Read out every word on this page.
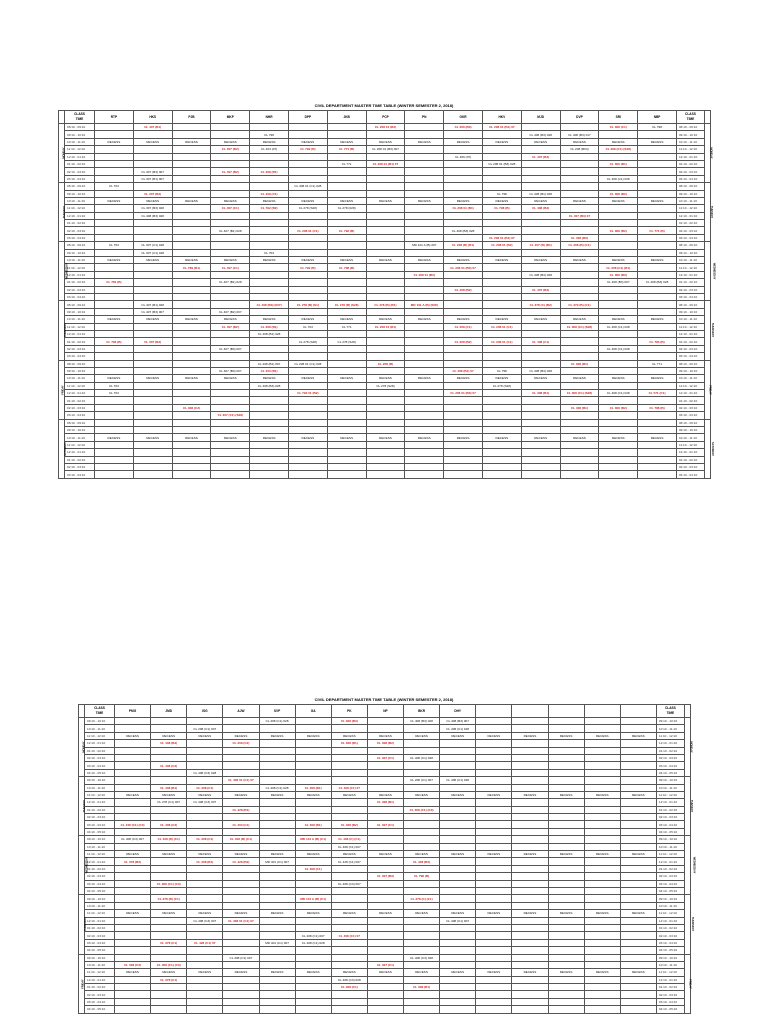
CIVIL DEPARTMENT MASTER TIME TABLE (WINTER SEMESTER 2, 2018)
	CLASS
TIME	RTP	HKS	PJB	MKP	NHR	DPP	JKB	PCP	PN	GKR	HKV	MJD	DVP	SRI	NBP	CLASS
TIME	
MONDAY	08:10 - 09:10		CL 407 (B1)						CL 208 01 (B2)		CL 306 (B3)	CL 208 01 (B1) 07			CL 308 (C1)	CL 798	08:10 - 09:10	MONDAY
	09:10 - 10:10					CL 798							CL 408 (B3) 028	CL 408 (B3) 017			09:10 - 10:10	
	10:10 - 11:10	RECESS	RECESS	RECESS	RECESS	RECESS	RECESS	RECESS	RECESS	RECESS	RECESS	RECESS	RECESS	RECESS	RECESS	RECESS	10:10 - 11:10	
	11:10 - 12:10				CL 307 (B2)	CL 403 (07)	CL 792 (B)	CL 771 (B)	CL 208 01 (B3) 007					CL 208 (B03)	CL 368 (C1) (S28)		11:10 - 12:10	
	12:10 - 01:10										CL 406 (07)		CL 407 (B3)				12:10 - 01:10	
	01:10 - 02:10							CL 771	CL 208 01 (B1) 07			CL 208 01 (B3) 028			CL 306 (B1)		01:10 - 02:10	
	02:10 - 03:10		CL 307 (B3) 007		CL 407 (B2)	CL 308 (B1)											02:10 - 03:10	
	03:10 - 04:10		CL 307 (B1) 007												CL 408 (C1) 028		03:10 - 04:10	
TUESDAY	08:10 - 09:10	CL 703					CL 408 01 (C1) 028										08:10 - 09:10	TUESDAY
	09:10 - 10:10		CL 307 (B2)			CL 409 (C1)						CL 798	CL 408 (B1) 028		CL 308 (B2)		09:10 - 10:10	
	10:10 - 11:10	RECESS	RECESS	RECESS	RECESS	RECESS	RECESS	RECESS	RECESS	RECESS	RECESS	RECESS	RECESS	RECESS	RECESS	RECESS	10:10 - 11:10	
	11:10 - 12:10		CL 307 (B3) 028		CL 407 (C1)	CL 792 (B2)	CL 278 (S28)	CL 278 (028)			CL 208 01 (B1)	CL 798 (B)	CL 408 (B3)				11:10 - 12:10	
	12:10 - 01:10		CL 408 (B3) 028											CL 407 (B3) 07			12:10 - 01:10	
	01:10 - 02:10																01:10 - 02:10	
	02:10 - 03:10				CL 407 (B1) 028		CL 208 01 (C1)	CL 792 (B)			CL 408 (B3) 028				CL 308 (B2)	CL 771 (B)	02:10 - 03:10	
	03:10 - 04:10											CL 208 01 (B1) 07		CL 408 (B3)			03:10 - 04:10	
WEDNESDAY	08:10 - 09:10	CL 703	CL 307 (C1) 028							MD 101 A (B) 007	CL 208 (B) (B1)	CL 208 01 (B2)	CL 407 (B) (B1)	CL 208 (B) (C1)			08:10 - 09:10	WEDNESDAY
	09:10 - 10:10		CL 307 (C1) 028			CL 703											09:10 - 10:10	
	10:10 - 11:10	RECESS	RECESS	RECESS	RECESS	RECESS	RECESS	RECESS	RECESS	RECESS	RECESS	RECESS	RECESS	RECESS	RECESS	RECESS	10:10 - 11:10	
	11:10 - 12:10			CL 789 (B1)	CL 407 (C1)		CL 792 (B)	CL 708 (B)			CL 208 01 (B3) 07				CL 308 (C1) (B1)		11:10 - 12:10	
	12:10 - 01:10									CL 208 01 (B3)			CL 408 (B3) 028		CL 308 (B3)		12:10 - 01:10	
	01:10 - 02:10	CL 781 (B)			CL 407 (B1) 028										CL 408 (B3) 007	CL 408 (B3) 028	01:10 - 02:10	
	02:10 - 03:10										CL 408 (B2)		CL 407 (B3)				02:10 - 03:10	
	03:10 - 04:10																03:10 - 04:10	
THURSDAY	08:10 - 09:10		CL 407 (B1) 028			CL 408 (B3) (007)	CL 278 (B) (S1)	CL 278 (B) (S28)	CL 278 (B) (B1)	MD 101 A (B) (008)			CL 378 (C) (B2)	CL 279 (B) (C1)			08:10 - 09:10	THURSDAY
	09:10 - 10:10		CL 407 (B3) 007		CL 407 (B2) 007												09:10 - 10:10	
	10:10 - 11:10	RECESS	RECESS	RECESS	RECESS	RECESS	RECESS	RECESS	RECESS	RECESS	RECESS	RECESS	RECESS	RECESS	RECESS	RECESS	10:10 - 11:10	
	11:10 - 12:10				CL 407 (B2)	CL 308 (B1)	CL 703	CL 771	CL 208 01 (B1)		CL 308 (C1)	CL 208 01 (C1)		CL 308 (C1) (S28)	CL 408 (C1) 028		11:10 - 12:10	
	12:10 - 01:10					CL 408 (B1) 028											12:10 - 01:10	
	01:10 - 02:10	CL 793 (B)	CL 307 (B2)				CL 278 (S28)	CL 278 (S28)			CL 308 (B2)	CL 208 01 (C1)	CL 408 (C1)			CL 783 (B)	01:10 - 02:10	
	02:10 - 03:10				CL 407 (B3) 007										CL 408 (C1) 028		02:10 - 03:10	
	03:10 - 04:10																03:10 - 04:10	
FRIDAY	08:10 - 09:10					CL 408 (B1) 007	CL 208 01 (C1) 028		CL 208 (B)					CL 308 (B1)		CL 771	08:10 - 09:10	FRIDAY
	09:10 - 10:10				CL 307 (B3) 007	CL 403 (B1)					CL 408 (B1) 07	CL 798	CL 408 (B3) 028				09:10 - 10:10	
	10:10 - 11:10	RECESS	RECESS	RECESS	RECESS	RECESS	RECESS	RECESS	RECESS	RECESS	RECESS	RECESS	RECESS	RECESS	RECESS	RECESS	10:10 - 11:10	
	11:10 - 12:10	CL 703				CL 408 (B3) 028			CL 278 (S28)			CL 278 (S28)					11:10 - 12:10	
	12:10 - 01:10	CL 703					CL 792 01 (B2)				CL 208 01 (B3) 07		CL 308 (B1)	CL 308 (C1) (S28)	CL 408 (C1) 028	CL 571 (C1)	12:10 - 01:10	
	01:10 - 02:10																01:10 - 02:10	
	02:10 - 03:10			CL 308 (C2)										CL 408 (B1)	CL 308 (B2)	CL 788 (B)	02:10 - 03:10	
	03:10 - 04:10				CL 307 (C1) (S28)												03:10 - 04:10	
SATURDAY	08:10 - 09:10																08:10 - 09:10	SATURDAY
	09:10 - 10:10																09:10 - 10:10	
	10:10 - 11:10	RECESS	RECESS	RECESS	RECESS	RECESS	RECESS	RECESS	RECESS	RECESS	RECESS	RECESS	RECESS	RECESS	RECESS	RECESS	10:10 - 11:10	
	11:10 - 12:10																11:10 - 12:10	
	12:10 - 01:10																12:10 - 01:10	
	01:10 - 02:10																01:10 - 02:10	
	02:10 - 03:10																02:10 - 03:10	
	03:10 - 04:10																03:10 - 04:10	
CIVIL DEPARTMENT MASTER TIME TABLE (WINTER SEMESTER 2, 2018)
	CLASS
TIME	PMG	JMD	ISG	AJW	SVP	GA	PK	NP	BKR	DHY						CLASS
TIME	
MONDAY	09:10 - 10:10					CL 408 (C1) 028		CL 308 (B3)		CL 408 (B3) 028	CL 408 (B3) 007						09:10 - 10:10	MONDAY
	10:10 - 11:10			CL 208 (C1) 007							CL 408 (C1) 028						10:10 - 11:10	
	11:10 - 12:10	RECESS	RECESS	RECESS	RECESS	RECESS	RECESS	RECESS	RECESS	RECESS	RECESS	RECESS	RECESS	RECESS	RECESS	RECESS	11:10 - 12:10	
	12:10 - 01:10		CL 408 (B3)		CL 308 (C2)			CL 308 (B1)	CL 308 (B2)								12:10 - 01:10	
	01:10 - 02:10																01:10 - 02:10	
	02:10 - 03:10								CL 307 (C1)	CL 408 (C1) 028							02:10 - 03:10	
	03:10 - 04:10		CL 408 (C3)														03:10 - 04:10	
	04:10 - 05:10			CL 408 (C3) 028													04:10 - 05:10	
TUESDAY	09:10 - 10:10				CL 408 01 (C1) 07					CL 208 (C1) 007	CL 408 (C1) 028						09:10 - 10:10	TUESDAY
	10:10 - 11:10		CL 408 (B1)	CL 308 (C1)		CL 408 (C1) 028	CL 308 (B1)	CL 408 (C1) 07									10:10 - 11:10	
	11:10 - 12:10	RECESS	RECESS	RECESS	RECESS	RECESS	RECESS	RECESS	RECESS	RECESS	RECESS	RECESS	RECESS	RECESS	RECESS	RECESS	11:10 - 12:10	
	12:10 - 01:10		CL 278 (C1) 007	CL 408 (C3) 007					CL 308 (B1)								12:10 - 01:10	
	01:10 - 02:10				CL 428 (B1)					CL 308 (C1) (C3)							01:10 - 02:10	
	02:10 - 03:10																02:10 - 03:10	
	03:10 - 04:10	CL 248 (C1) (C3)	CL 408 (C3)		CL 403 (C1)		CL 308 (B1)	CL 408 (B2)	CL 307 (C1)								03:10 - 04:10	
	04:10 - 05:10																04:10 - 05:10	
WEDNESDAY	09:10 - 10:10	CL 408 (C3) 007	CL 408 (B) (C1)	CL 308 (C1)	CL 408 (B) (C1)		MD 101 A (B) (C1)	CL 408 (C) (C1)									09:10 - 10:10	WEDNESDAY
	10:10 - 11:10							CL 408 (C1) 007									10:10 - 11:10	
	11:10 - 12:10	RECESS	RECESS	RECESS	RECESS	RECESS	RECESS	RECESS	RECESS	RECESS	RECESS	RECESS	RECESS	RECESS	RECESS	RECESS	11:10 - 12:10	
	12:10 - 01:10	CL 378 (B3)		CL 308 (B1)	CL 428 (B2)	MD 401 (C1) 007		CL 428 (C1) 007		CL 408 (B3)							12:10 - 01:10	
	01:10 - 02:10						CL 308 (C1)										01:10 - 02:10	
	02:10 - 03:10								CL 307 (B3)	CL 798 (B)							02:10 - 03:10	
	03:10 - 04:10		CL 308 (C1) (C3)					CL 408 (C3) 007									03:10 - 04:10	
	04:10 - 05:10																04:10 - 05:10	
THURSDAY	09:10 - 10:10		CL 378 (B) (C1)				MD 101 A (B) (C1)			CL 378 (C) (C1)							09:10 - 10:10	THURSDAY
	10:10 - 11:10																10:10 - 11:10	
	11:10 - 12:10	RECESS	RECESS	RECESS	RECESS	RECESS	RECESS	RECESS	RECESS	RECESS	RECESS	RECESS	RECESS	RECESS	RECESS	RECESS	11:10 - 12:10	
	12:10 - 01:10			CL 408 (C3) 007	CL 308 01 (C1) 07						CL 408 (C1) 007						12:10 - 01:10	
	01:10 - 02:10																01:10 - 02:10	
	02:10 - 03:10						CL 408 (C1) 007	CL 408 (C1) 07									02:10 - 03:10	
	03:10 - 04:10		CL 378 (C1)	CL 428 (C1) 07		MD 401 (C1) 007	CL 408 (C1) 028										03:10 - 04:10	
	04:10 - 05:10																04:10 - 05:10	
FRIDAY	09:10 - 10:10				CL 308 (C1) 007					CL 408 (C3) 028							09:10 - 10:10	FRIDAY
	10:10 - 11:10	CL 308 (C3)	CL 408 (C1) (C3)						CL 307 (C1)								10:10 - 11:10	
	11:10 - 12:10	RECESS	RECESS	RECESS	RECESS	RECESS	RECESS	RECESS	RECESS	RECESS	RECESS	RECESS	RECESS	RECESS	RECESS	RECESS	11:10 - 12:10	
	12:10 - 01:10		CL 378 (C1)					CL 408 (C3) 028									12:10 - 01:10	
	01:10 - 02:10							CL 308 (C1)		CL 308 (B1)							01:10 - 02:10	
	02:10 - 03:10																02:10 - 03:10	
	03:10 - 04:10																03:10 - 04:10	
	04:10 - 05:10																04:10 - 05:10	
